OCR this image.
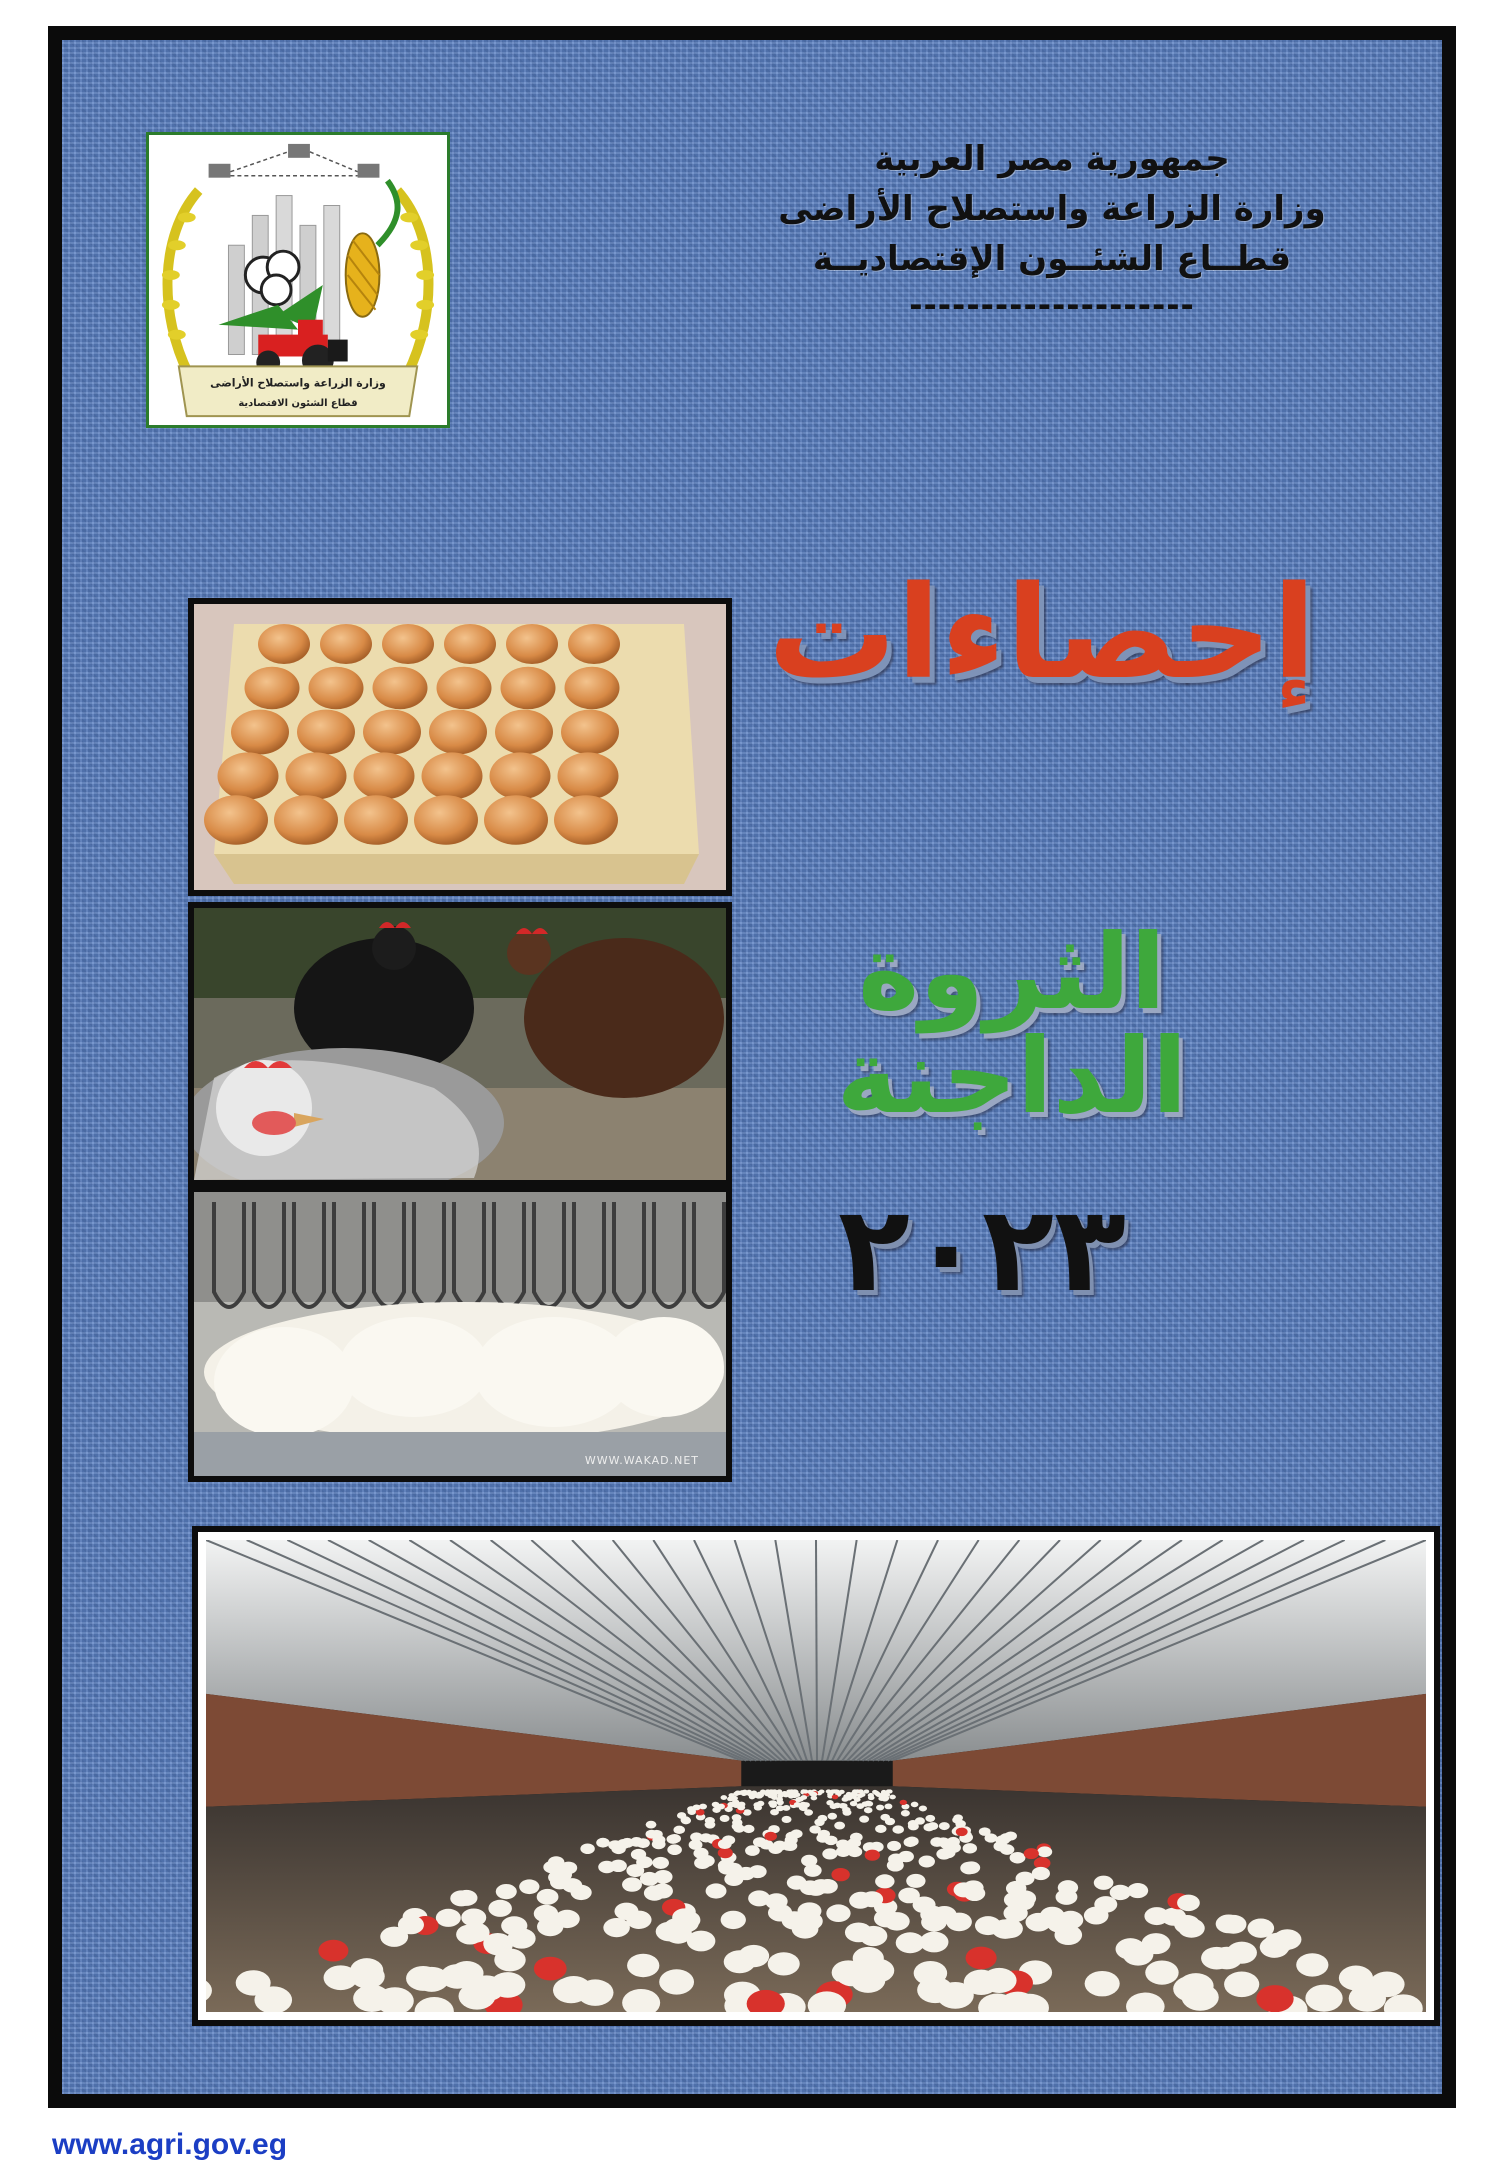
وزارة الزراعة واستصلاح الأراضى
قطاع الشئون الاقتصادية
جمهورية مصر العربية
وزارة الزراعة واستصلاح الأراضى
قطــاع الشئــون الإقتصاديــة
--------------------
إحصاءات
الثروة الداجنة
٢٠٢٣
WWW.WAKAD.NET
www.agri.gov.eg
